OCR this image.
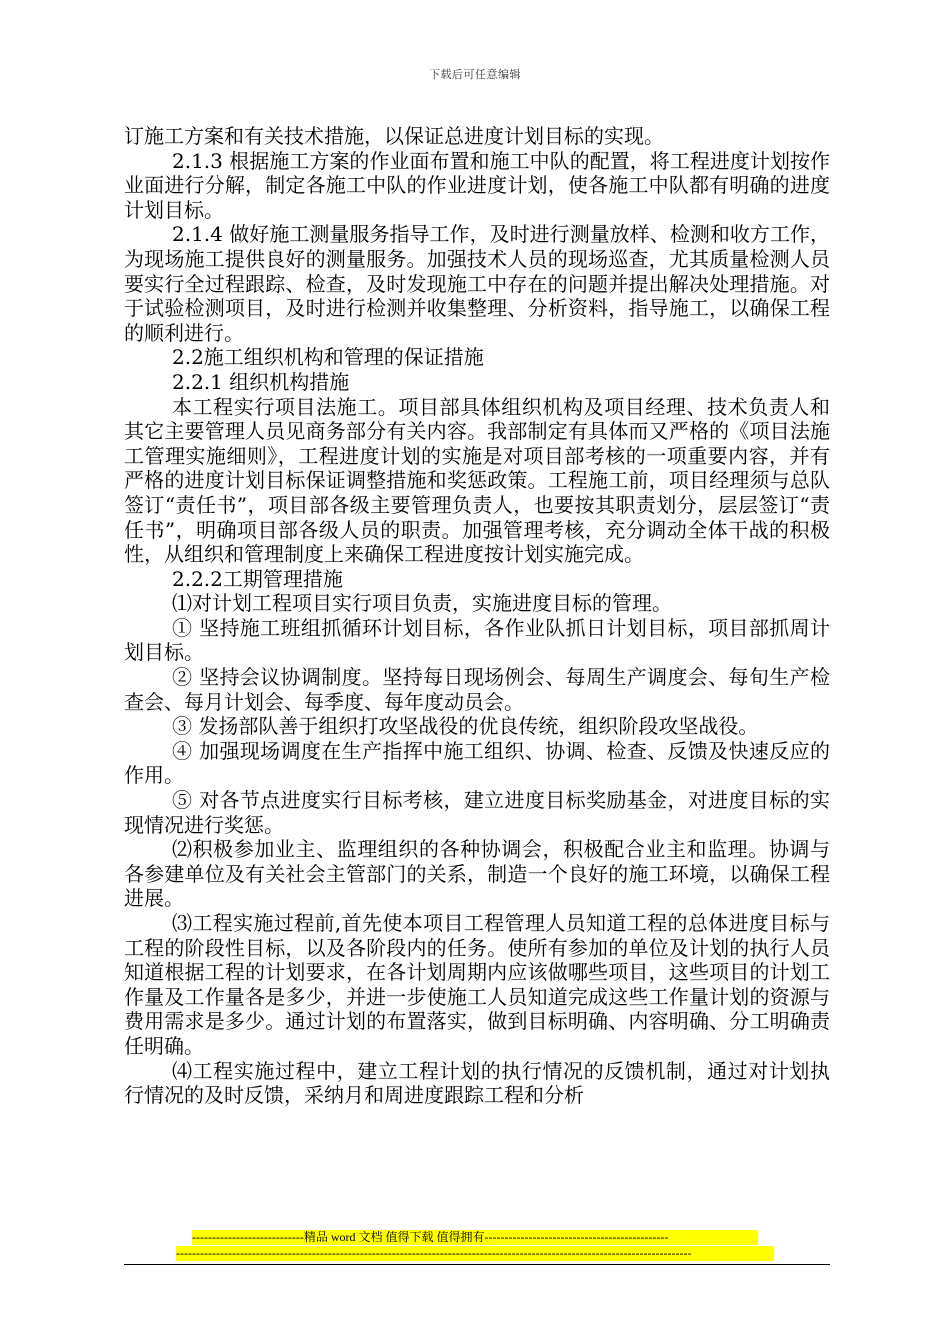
下载后可任意编辑

订施工方案和有关技术措施，以保证总进度计划目标的实现。

2.1.3 根据施工方案的作业面布置和施工中队的配置，将工程进度计划按作业面进行分解，制定各施工中队的作业进度计划，使各施工中队都有明确的进度计划目标。

2.1.4 做好施工测量服务指导工作，及时进行测量放样、检测和收方工作，为现场施工提供良好的测量服务。加强技术人员的现场巡查，尤其质量检测人员要实行全过程跟踪、检查，及时发现施工中存在的问题并提出解决处理措施。对于试验检测项目，及时进行检测并收集整理、分析资料，指导施工，以确保工程的顺利进行。

2.2施工组织机构和管理的保证措施

2.2.1 组织机构措施

本工程实行项目法施工。项目部具体组织机构及项目经理、技术负责人和其它主要管理人员见商务部分有关内容。我部制定有具体而又严格的《项目法施工管理实施细则》，工程进度计划的实施是对项目部考核的一项重要内容，并有严格的进度计划目标保证调整措施和奖惩政策。工程施工前，项目经理须与总队签订“责任书”，项目部各级主要管理负责人，也要按其职责划分，层层签订“责任书”，明确项目部各级人员的职责。加强管理考核，充分调动全体干战的积极性，从组织和管理制度上来确保工程进度按计划实施完成。

2.2.2工期管理措施

⑴对计划工程项目实行项目负责，实施进度目标的管理。

① 坚持施工班组抓循环计划目标，各作业队抓日计划目标，项目部抓周计划目标。

② 坚持会议协调制度。坚持每日现场例会、每周生产调度会、每旬生产检查会、每月计划会、每季度、每年度动员会。

③ 发扬部队善于组织打攻坚战役的优良传统，组织阶段攻坚战役。

④ 加强现场调度在生产指挥中施工组织、协调、检查、反馈及快速反应的作用。

⑤ 对各节点进度实行目标考核，建立进度目标奖励基金，对进度目标的实现情况进行奖惩。

⑵积极参加业主、监理组织的各种协调会，积极配合业主和监理。协调与各参建单位及有关社会主管部门的关系，制造一个良好的施工环境，以确保工程进展。

⑶工程实施过程前,首先使本项目工程管理人员知道工程的总体进度目标与工程的阶段性目标，以及各阶段内的任务。使所有参加的单位及计划的执行人员知道根据工程的计划要求，在各计划周期内应该做哪些项目，这些项目的计划工作量及工作量各是多少，并进一步使施工人员知道完成这些工作量计划的资源与费用需求是多少。通过计划的布置落实，做到目标明确、内容明确、分工明确责任明确。

⑷工程实施过程中，建立工程计划的执行情况的反馈机制，通过对计划执行情况的及时反馈，采纳月和周进度跟踪工程和分析

----------------------------精品 word 文档 值得下载 值得拥有----------------------------------------------
---------------------------------------------------------------------------------------------------------------------------------
